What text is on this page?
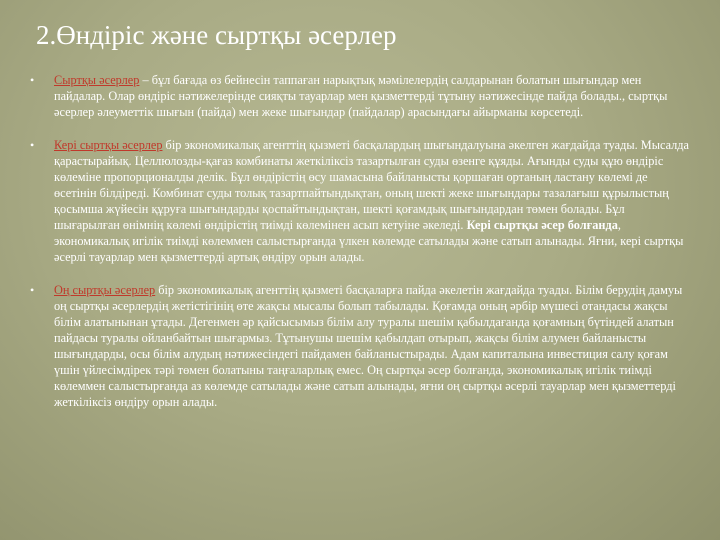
2.Өндіріс және сыртқы әсерлер
• Сыртқы әсерлер – бұл бағада өз бейнесін таппаған нарықтық мәмілелердің салдарынан болатын шығындар мен пайдалар. Олар өндіріс нәтижелерінде сияқты тауарлар мен қызметтерді тұтыну нәтижесінде пайда болады., сыртқы әсерлер әлеуметтік шығын (пайда) мен жеке шығындар (пайдалар) арасындағы айырманы көрсетеді.
• Кері сыртқы әсерлер бір экономикалық агенттің қызметі басқалардың шығындалуына әкелген жағдайда туады. Мысалда қарастырайық. Целлюлозды-қағаз комбинаты жеткіліксіз тазартылған суды өзенге құяды. Ағынды суды құю өндіріс көлеміне пропорционалды делік. Бұл өндірістің өсу шамасына байланысты қоршаған ортаның ластану көлемі де өсетінін білдіреді. Комбинат суды толық тазартпайтындықтан, оның шекті жеке шығындары тазалағыш құрылыстың қосымша жүйесін құруға шығындарды қоспайтындықтан, шекті қоғамдық шығындардан төмен болады. Бұл шығарылған өнімнің көлемі өндірістің тиімді көлемінен асып кетуіне әкеледі. Кері сыртқы әсер болғанда, экономикалық игілік тиімді көлеммен салыстырғанда үлкен көлемде сатылады және сатып алынады. Яғни, кері сыртқы әсерлі тауарлар мен қызметтерді артық өндіру орын алады.
• Оң сыртқы әсерлер бір экономикалық агенттің қызметі басқаларға пайда әкелетін жағдайда туады. Білім берудің дамуы оң сыртқы әсерлердің жетістігінің өте жақсы мысалы болып табылады. Қоғамда оның әрбір мүшесі отандасы жақсы білім алатынынан ұтады. Дегенмен әр қайсысымыз білім алу туралы шешім қабылдағанда қоғамның бүтіндей алатын пайдасы туралы ойланбайтын шығармыз. Тұтынушы шешім қабылдап отырып, жақсы білім алумен байланысты шығындарды, осы білім алудың нәтижесіндегі пайдамен байланыстырады. Адам капиталына инвестиция салу қоғам үшін үйлесімдірек тәрі төмен болатыны таңғаларлық емес. Оң сыртқы әсер болғанда, экономикалық игілік тиімді көлеммен салыстырғанда аз көлемде сатылады және сатып алынады, яғни оң сыртқы әсерлі тауарлар мен қызметтерді жеткіліксіз өндіру орын алады.
